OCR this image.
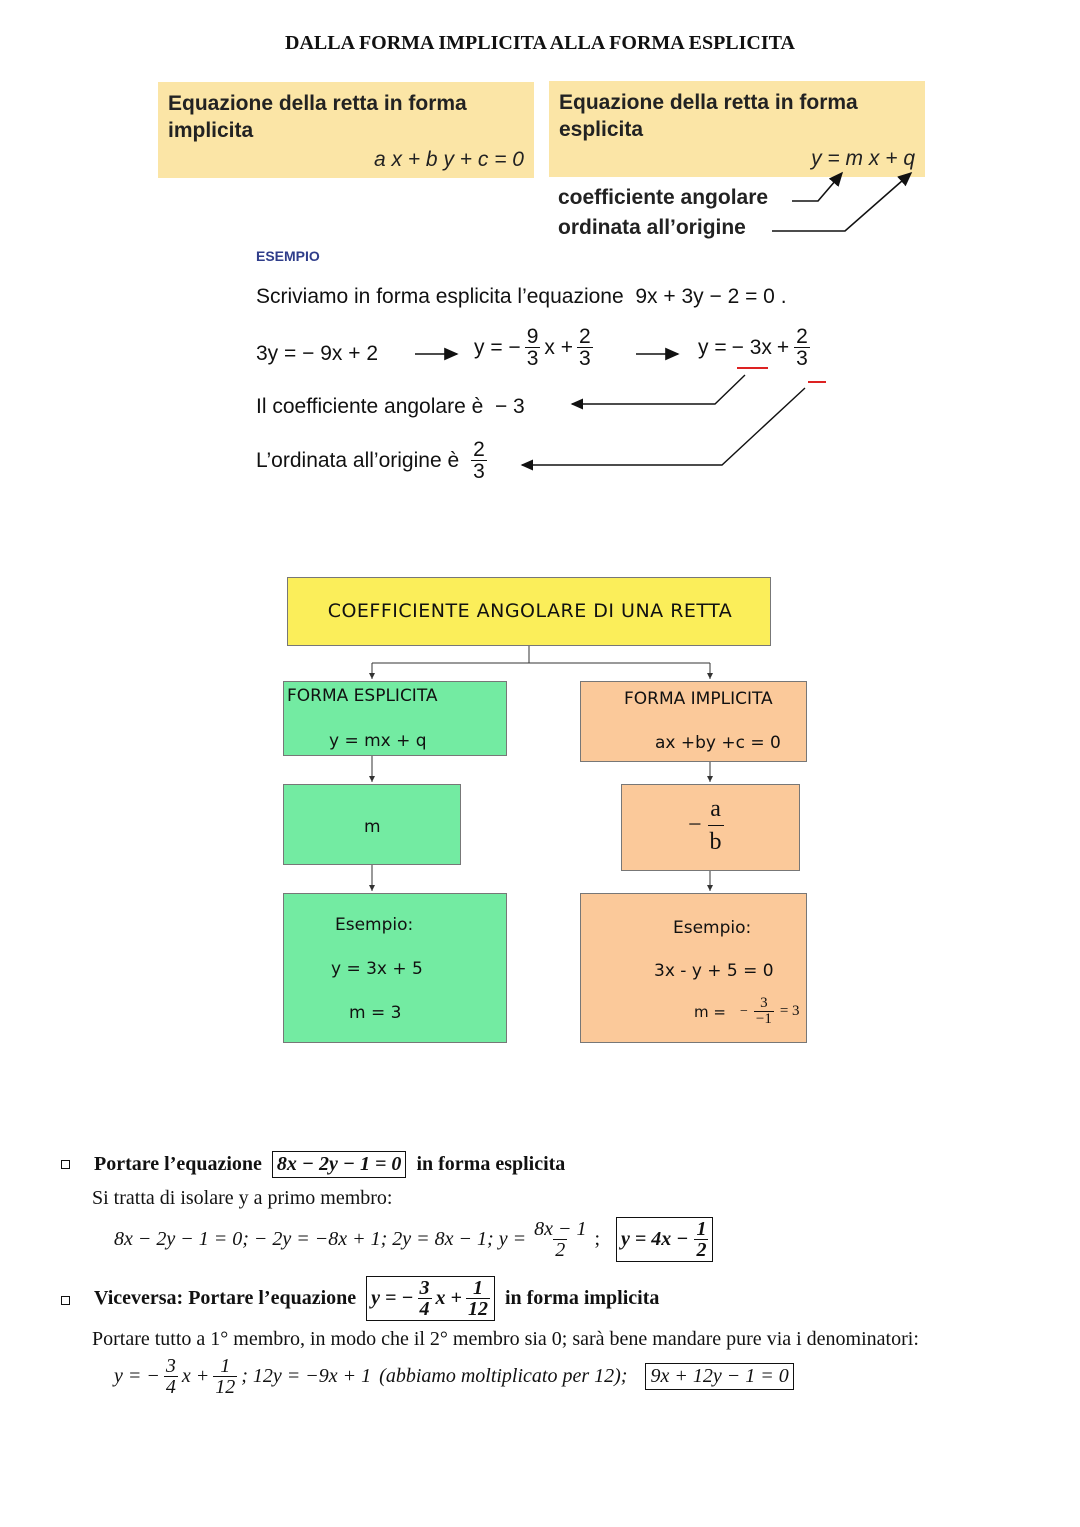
DALLA FORMA IMPLICITA ALLA FORMA ESPLICITA
Equazione della retta in forma
implicita
a x + b y + c = 0
Equazione della retta in forma
esplicita
y = m x + q
coefficiente angolare
ordinata all’origine
ESEMPIO
Scriviamo in forma esplicita l’equazione 9x + 3y − 2 = 0 .
3y = − 9x + 2	y = − $\frac{9}{3}$ $x + \frac{2}{3}$	y = − $3x + \frac{2}{3}$
Il coefficiente angolare è − 3
L’ordinata all’origine è $\frac{2}{3}$
COEFFICIENTE ANGOLARE DI UNA RETTA
FORMA ESPLICITA
y = mx + q
FORMA IMPLICITA
ax +by +c = 0
m	− $\frac{a}{b}$
Esempio:
y = 3x + 5
m = 3
Esempio:
3x - y + 5 = 0
m = − $\frac{3}{-1} = 3$
Portare l’equazione 8x − 2y − 1 = 0 in forma esplicita
Si tratta di isolare y a primo membro:
8x − 2y − 1 = 0; − 2y = −8x + 1; 2y = 8x − 1; $y = \frac{8x - 1}{2}$ ; $y = 4x - \frac{1}{2}$
Viceversa: Portare l’equazione y = − $\frac{3}{4}$ $x + \frac{1}{12}$ in forma implicita
Portare tutto a 1° membro, in modo che il 2° membro sia 0; sarà bene mandare pure via i denominatori:
y = − $\frac{3}{4}$ $x + \frac{1}{12}$ ; 12y = −9x + 1 (abbiamo moltiplicato per 12); 9x + 12y − 1 = 0
